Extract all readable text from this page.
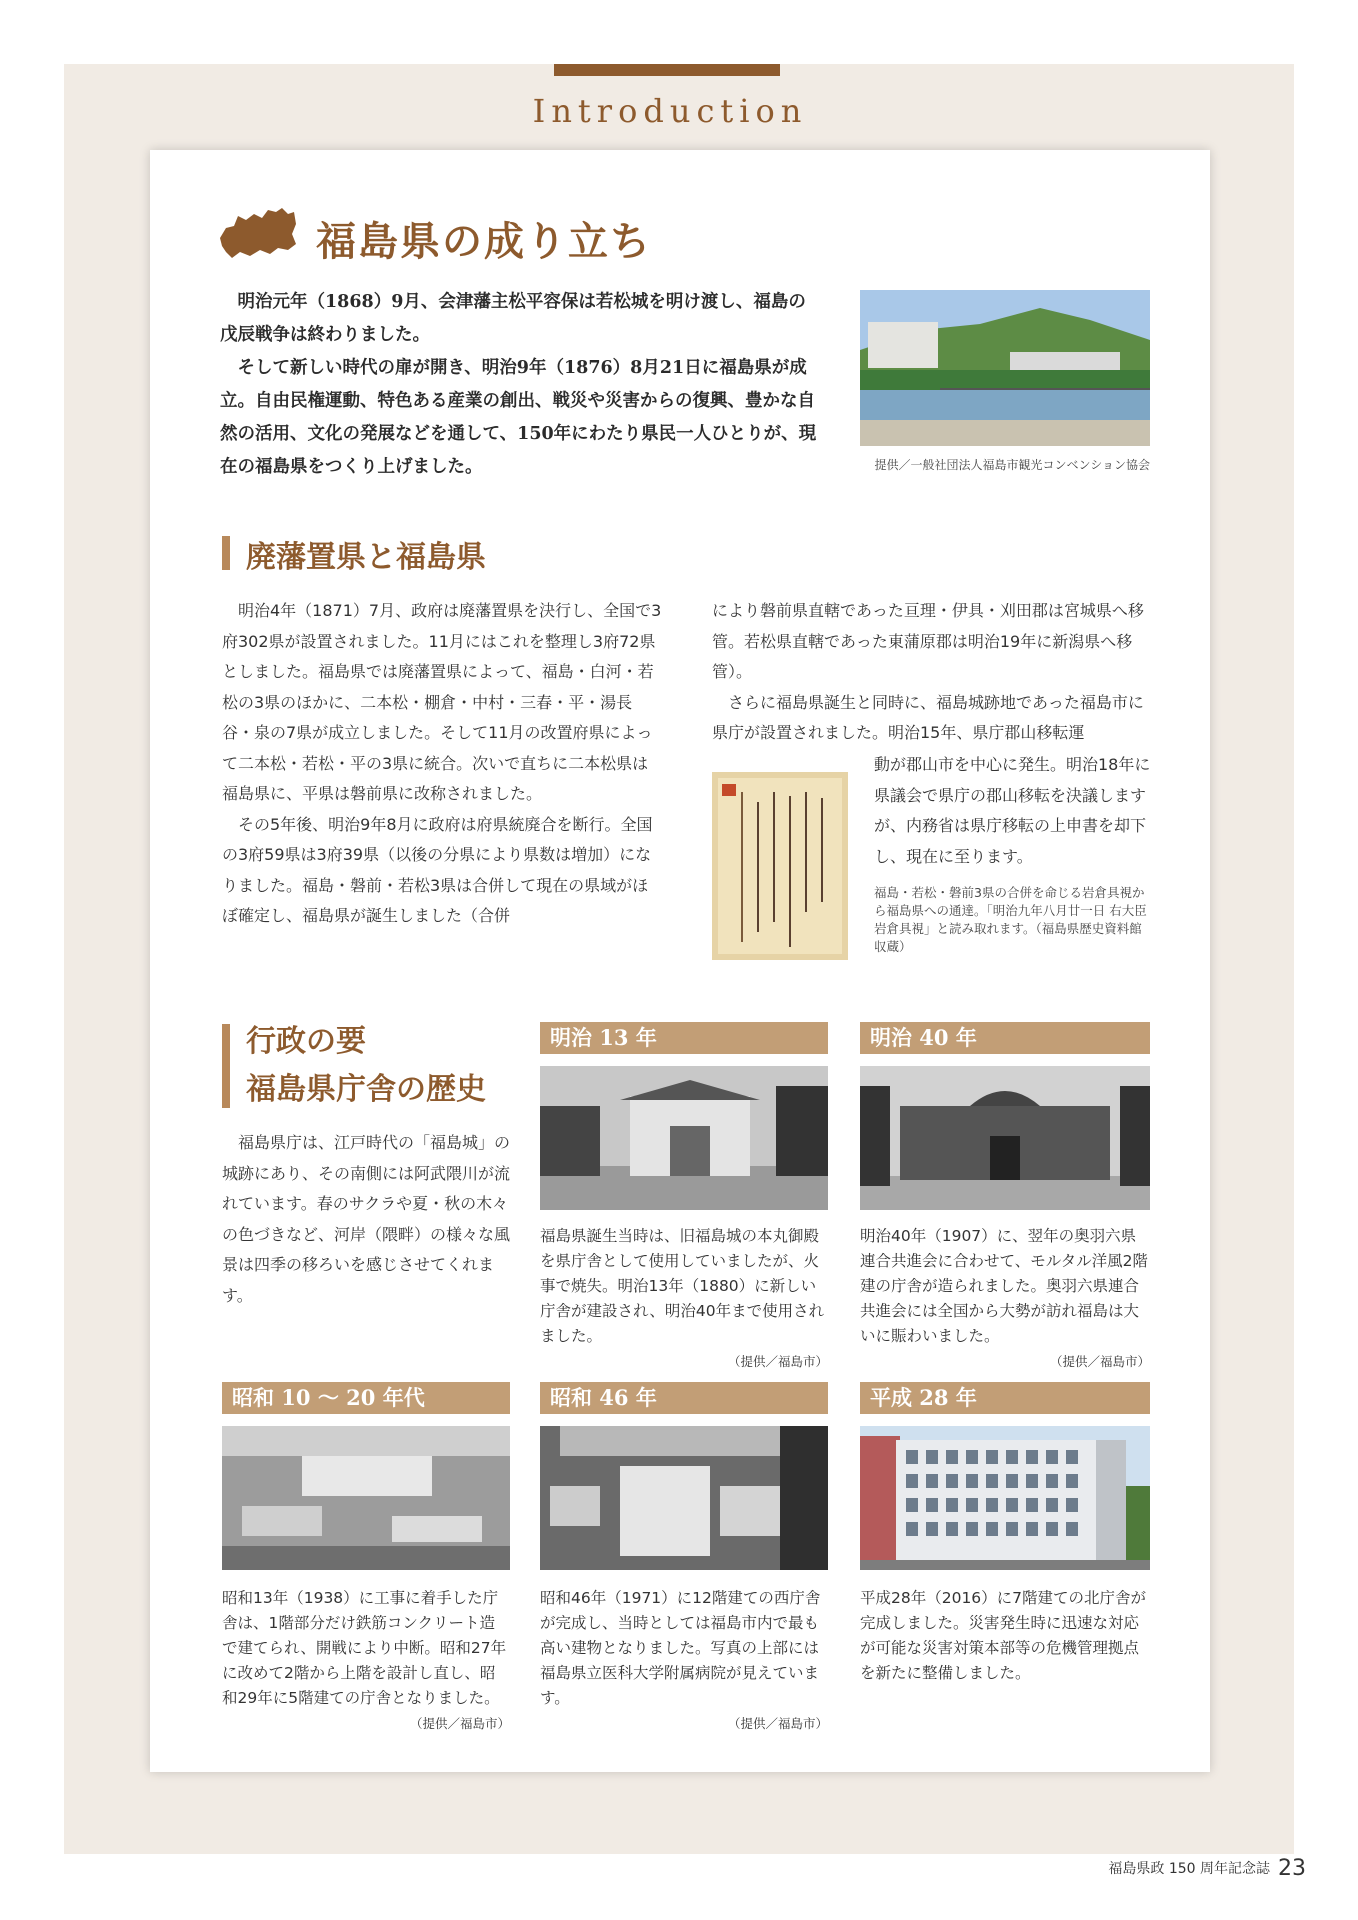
Introduction
福島県の成り立ち

明治元年（1868）9月、会津藩主松平容保は若松城を明け渡し、福島の戊辰戦争は終わりました。

そして新しい時代の扉が開き、明治9年（1876）8月21日に福島県が成立。自由民権運動、特色ある産業の創出、戦災や災害からの復興、豊かな自然の活用、文化の発展などを通して、150年にわたり県民一人ひとりが、現在の福島県をつくり上げました。	提供／一般社団法人福島市観光コンベンション協会
廃藩置県と福島県

明治4年（1871）7月、政府は廃藩置県を決行し、全国で3府302県が設置されました。11月にはこれを整理し3府72県としました。福島県では廃藩置県によって、福島・白河・若松の3県のほかに、二本松・棚倉・中村・三春・平・湯長谷・泉の7県が成立しました。そして11月の改置府県によって二本松・若松・平の3県に統合。次いで直ちに二本松県は福島県に、平県は磐前県に改称されました。

その5年後、明治9年8月に政府は府県統廃合を断行。全国の3府59県は3府39県（以後の分県により県数は増加）になりました。福島・磐前・若松3県は合併して現在の県域がほぼ確定し、福島県が誕生しました（合併

により磐前県直轄であった亘理・伊具・刈田郡は宮城県へ移管。若松県直轄であった東蒲原郡は明治19年に新潟県へ移管）。

さらに福島県誕生と同時に、福島城跡地であった福島市に県庁が設置されました。明治15年、県庁郡山移転運

動が郡山市を中心に発生。明治18年に県議会で県庁の郡山移転を決議しますが、内務省は県庁移転の上申書を却下し、現在に至ります。

福島・若松・磐前3県の合併を命じる岩倉具視から福島県への通達。「明治九年八月廿一日 右大臣岩倉具視」と読み取れます。（福島県歴史資料館収蔵）
行政の要
福島県庁舎の歴史

福島県庁は、江戸時代の「福島城」の城跡にあり、その南側には阿武隈川が流れています。春のサクラや夏・秋の木々の色づきなど、河岸（隈畔）の様々な風景は四季の移ろいを感じさせてくれます。

明治 13 年
福島県誕生当時は、旧福島城の本丸御殿を県庁舎として使用していましたが、火事で焼失。明治13年（1880）に新しい庁舎が建設され、明治40年まで使用されました。
（提供／福島市）
明治 40 年
明治40年（1907）に、翌年の奥羽六県連合共進会に合わせて、モルタル洋風2階建の庁舎が造られました。奥羽六県連合共進会には全国から大勢が訪れ福島は大いに賑わいました。
（提供／福島市）
昭和 10 ～ 20 年代
昭和13年（1938）に工事に着手した庁舎は、1階部分だけ鉄筋コンクリート造で建てられ、開戦により中断。昭和27年に改めて2階から上階を設計し直し、昭和29年に5階建ての庁舎となりました。
（提供／福島市）
昭和 46 年
昭和46年（1971）に12階建ての西庁舎が完成し、当時としては福島市内で最も高い建物となりました。写真の上部には福島県立医科大学附属病院が見えています。
（提供／福島市）
平成 28 年
平成28年（2016）に7階建ての北庁舎が完成しました。災害発生時に迅速な対応が可能な災害対策本部等の危機管理拠点を新たに整備しました。
福島県政 150 周年記念誌 23
